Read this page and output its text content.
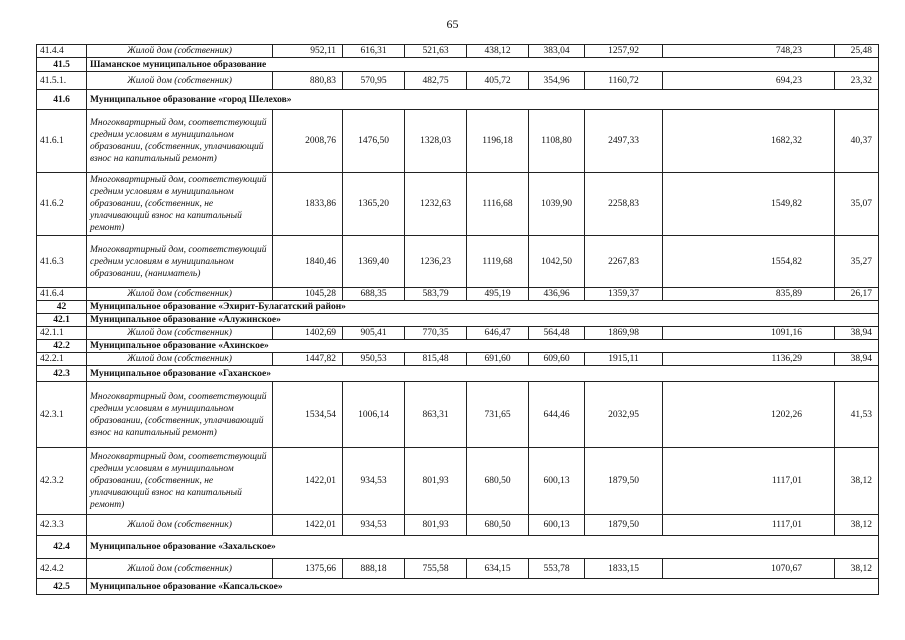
65
41.4.4	Жилой дом (собственник)	952,11	616,31	521,63	438,12	383,04	1257,92	748,23	25,48
41.5	Шаманское муниципальное образование								
41.5.1.	Жилой дом (собственник)	880,83	570,95	482,75	405,72	354,96	1160,72	694,23	23,32
41.6	Муниципальное образование «город Шелехов»								
41.6.1	Многоквартирный дом, соответствующий средним условиям в муниципальном образовании, (собственник, уплачивающий взнос на капитальный ремонт)	2008,76	1476,50	1328,03	1196,18	1108,80	2497,33	1682,32	40,37
41.6.2	Многоквартирный дом, соответствующий средним условиям в муниципальном образовании, (собственник, не уплачивающий взнос на капитальный ремонт)	1833,86	1365,20	1232,63	1116,68	1039,90	2258,83	1549,82	35,07
41.6.3	Многоквартирный дом, соответствующий средним условиям в муниципальном образовании, (наниматель)	1840,46	1369,40	1236,23	1119,68	1042,50	2267,83	1554,82	35,27
41.6.4	Жилой дом (собственник)	1045,28	688,35	583,79	495,19	436,96	1359,37	835,89	26,17
42	Муниципальное образование «Эхирит-Булагатский район»								
42.1	Муниципальное образование «Алужинское»								
42.1.1	Жилой дом (собственник)	1402,69	905,41	770,35	646,47	564,48	1869,98	1091,16	38,94
42.2	Муниципальное образование «Ахинское»								
42.2.1	Жилой дом (собственник)	1447,82	950,53	815,48	691,60	609,60	1915,11	1136,29	38,94
42.3	Муниципальное образование «Гаханское»								
42.3.1	Многоквартирный дом, соответствующий средним условиям в муниципальном образовании, (собственник, уплачивающий взнос на капитальный ремонт)	1534,54	1006,14	863,31	731,65	644,46	2032,95	1202,26	41,53
42.3.2	Многоквартирный дом, соответствующий средним условиям в муниципальном образовании, (собственник, не уплачивающий взнос на капитальный ремонт)	1422,01	934,53	801,93	680,50	600,13	1879,50	1117,01	38,12
42.3.3	Жилой дом (собственник)	1422,01	934,53	801,93	680,50	600,13	1879,50	1117,01	38,12
42.4	Муниципальное образование «Захальское»								
42.4.2	Жилой дом (собственник)	1375,66	888,18	755,58	634,15	553,78	1833,15	1070,67	38,12
42.5	Муниципальное образование «Капсальское»								
